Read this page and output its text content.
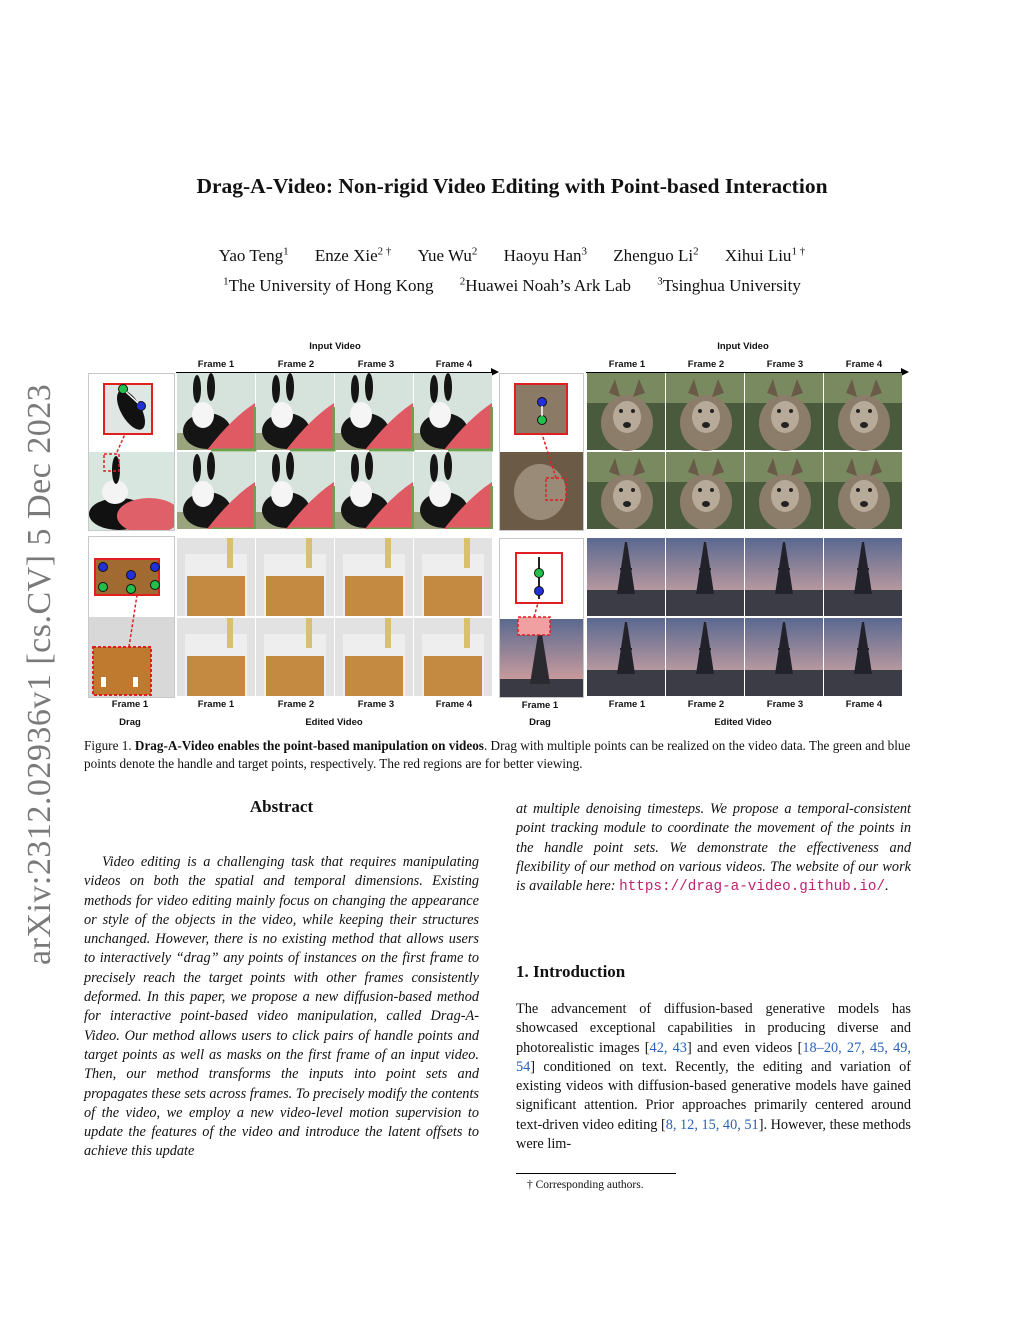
arXiv:2312.02936v1 [cs.CV] 5 Dec 2023
Drag-A-Video: Non-rigid Video Editing with Point-based Interaction
Yao Teng$^1$ Enze Xie$^{2 \dagger}$ Yue Wu$^2$ Haoyu Han$^3$ Zhenguo Li$^2$ Xihui Liu$^{1 \dagger}$
$^1$The University of Hong Kong $^2$Huawei Noah’s Ark Lab $^3$Tsinghua University
Input Video
Frame 1	Frame 2	Frame 3	Frame 4
Input Video
Frame 1	Frame 2	Frame 3	Frame 4
Frame 1	Frame 1	Frame 2	Frame 3	Frame 4
Drag	Edited Video
Frame 1	Frame 1	Frame 2	Frame 3	Frame 4
Drag	Edited Video
Figure 1. Drag-A-Video enables the point-based manipulation on videos. Drag with multiple points can be realized on the video data. The green and blue points denote the handle and target points, respectively. The red regions are for better viewing.
Abstract
Video editing is a challenging task that requires manipulating videos on both the spatial and temporal dimensions. Existing methods for video editing mainly focus on changing the appearance or style of the objects in the video, while keeping their structures unchanged. However, there is no existing method that allows users to interactively “drag” any points of instances on the first frame to precisely reach the target points with other frames consistently deformed. In this paper, we propose a new diffusion-based method for interactive point-based video manipulation, called Drag-A-Video. Our method allows users to click pairs of handle points and target points as well as masks on the first frame of an input video. Then, our method transforms the inputs into point sets and propagates these sets across frames. To precisely modify the contents of the video, we employ a new video-level motion supervision to update the features of the video and introduce the latent offsets to achieve this update
at multiple denoising timesteps. We propose a temporal-consistent point tracking module to coordinate the movement of the points in the handle point sets. We demonstrate the effectiveness and flexibility of our method on various videos. The website of our work is available here: https://drag-a-video.github.io/.
1. Introduction
The advancement of diffusion-based generative models has showcased exceptional capabilities in producing diverse and photorealistic images [42, 43] and even videos [18–20, 27, 45, 49, 54] conditioned on text. Recently, the editing and variation of existing videos with diffusion-based generative models have gained significant attention. Prior approaches primarily centered around text-driven video editing [8, 12, 15, 40, 51]. However, these methods were lim-
† Corresponding authors.
